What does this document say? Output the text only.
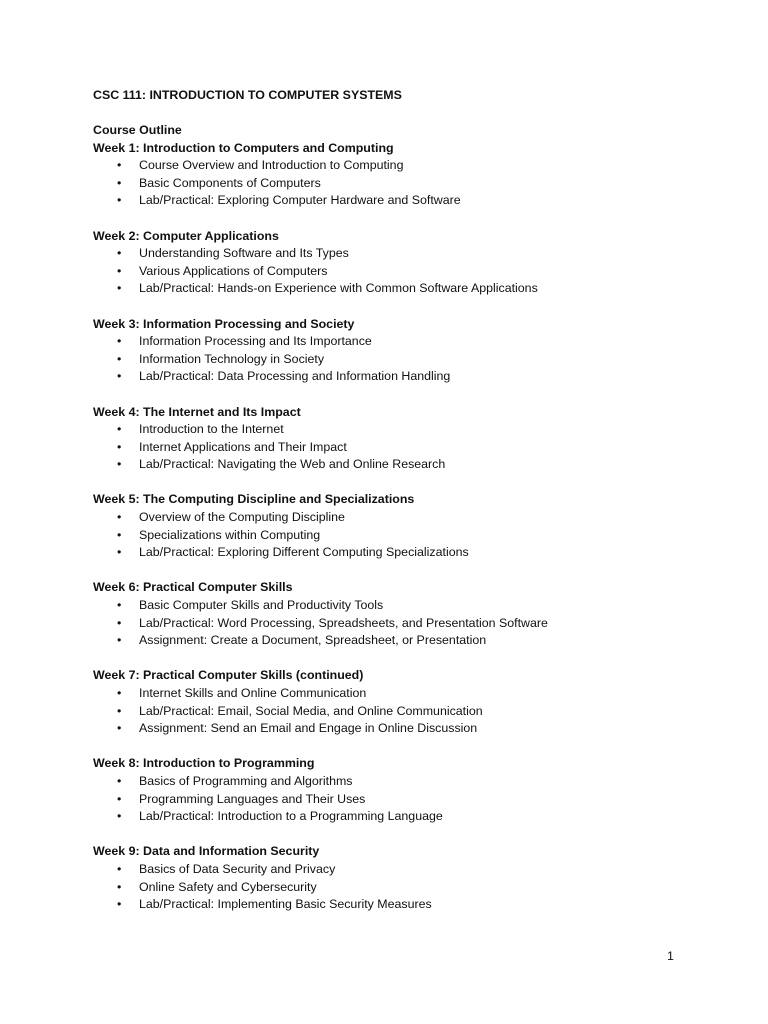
CSC 111: INTRODUCTION TO COMPUTER SYSTEMS
Course Outline
Week 1: Introduction to Computers and Computing
• Course Overview and Introduction to Computing
• Basic Components of Computers
• Lab/Practical: Exploring Computer Hardware and Software
Week 2: Computer Applications
• Understanding Software and Its Types
• Various Applications of Computers
• Lab/Practical: Hands-on Experience with Common Software Applications
Week 3: Information Processing and Society
• Information Processing and Its Importance
• Information Technology in Society
• Lab/Practical: Data Processing and Information Handling
Week 4: The Internet and Its Impact
• Introduction to the Internet
• Internet Applications and Their Impact
• Lab/Practical: Navigating the Web and Online Research
Week 5: The Computing Discipline and Specializations
• Overview of the Computing Discipline
• Specializations within Computing
• Lab/Practical: Exploring Different Computing Specializations
Week 6: Practical Computer Skills
• Basic Computer Skills and Productivity Tools
• Lab/Practical: Word Processing, Spreadsheets, and Presentation Software
• Assignment: Create a Document, Spreadsheet, or Presentation
Week 7: Practical Computer Skills (continued)
• Internet Skills and Online Communication
• Lab/Practical: Email, Social Media, and Online Communication
• Assignment: Send an Email and Engage in Online Discussion
Week 8: Introduction to Programming
• Basics of Programming and Algorithms
• Programming Languages and Their Uses
• Lab/Practical: Introduction to a Programming Language
Week 9: Data and Information Security
• Basics of Data Security and Privacy
• Online Safety and Cybersecurity
• Lab/Practical: Implementing Basic Security Measures
1
